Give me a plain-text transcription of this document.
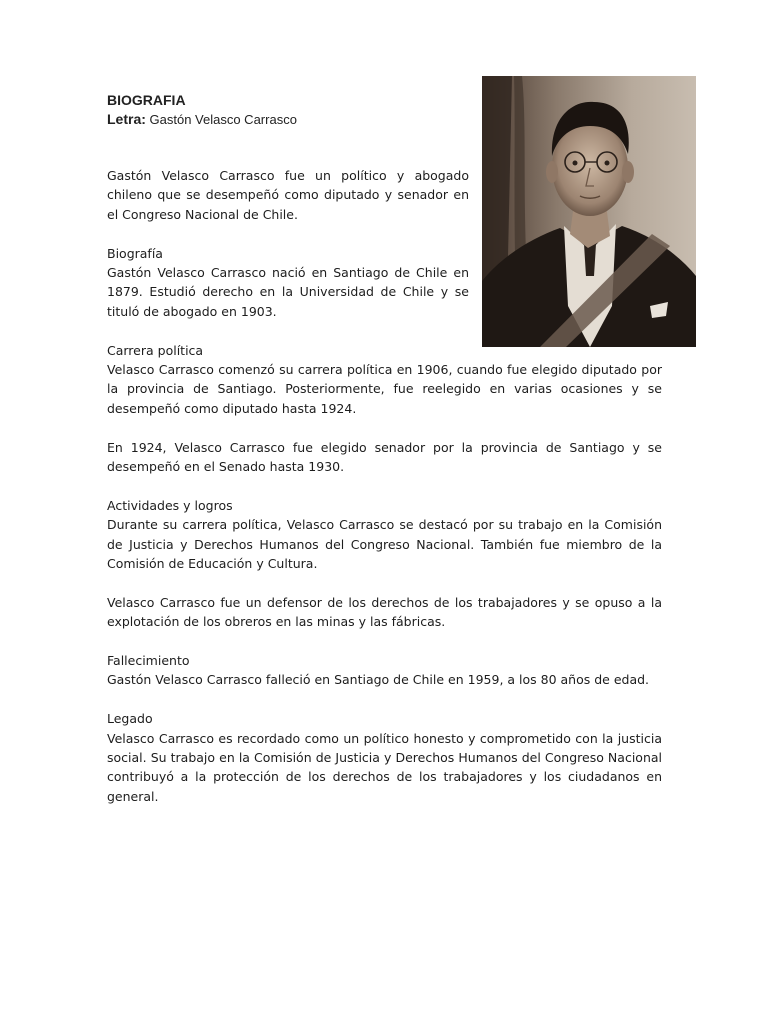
BIOGRAFIA
Letra: Gastón Velasco Carrasco

Gastón Velasco Carrasco fue un político y abogado chileno que se desempeñó como diputado y senador en el Congreso Nacional de Chile.

Biografía
Gastón Velasco Carrasco nació en Santiago de Chile en 1879. Estudió derecho en la Universidad de Chile y se tituló de abogado en 1903.

Carrera política
Velasco Carrasco comenzó su carrera política en 1906, cuando fue elegido diputado por la provincia de Santiago. Posteriormente, fue reelegido en varias ocasiones y se desempeñó como diputado hasta 1924.

En 1924, Velasco Carrasco fue elegido senador por la provincia de Santiago y se desempeñó en el Senado hasta 1930.

Actividades y logros
Durante su carrera política, Velasco Carrasco se destacó por su trabajo en la Comisión de Justicia y Derechos Humanos del Congreso Nacional. También fue miembro de la Comisión de Educación y Cultura.

Velasco Carrasco fue un defensor de los derechos de los trabajadores y se opuso a la explotación de los obreros en las minas y las fábricas.

Fallecimiento
Gastón Velasco Carrasco falleció en Santiago de Chile en 1959, a los 80 años de edad.

Legado
Velasco Carrasco es recordado como un político honesto y comprometido con la justicia social. Su trabajo en la Comisión de Justicia y Derechos Humanos del Congreso Nacional contribuyó a la protección de los derechos de los trabajadores y los ciudadanos en general.
